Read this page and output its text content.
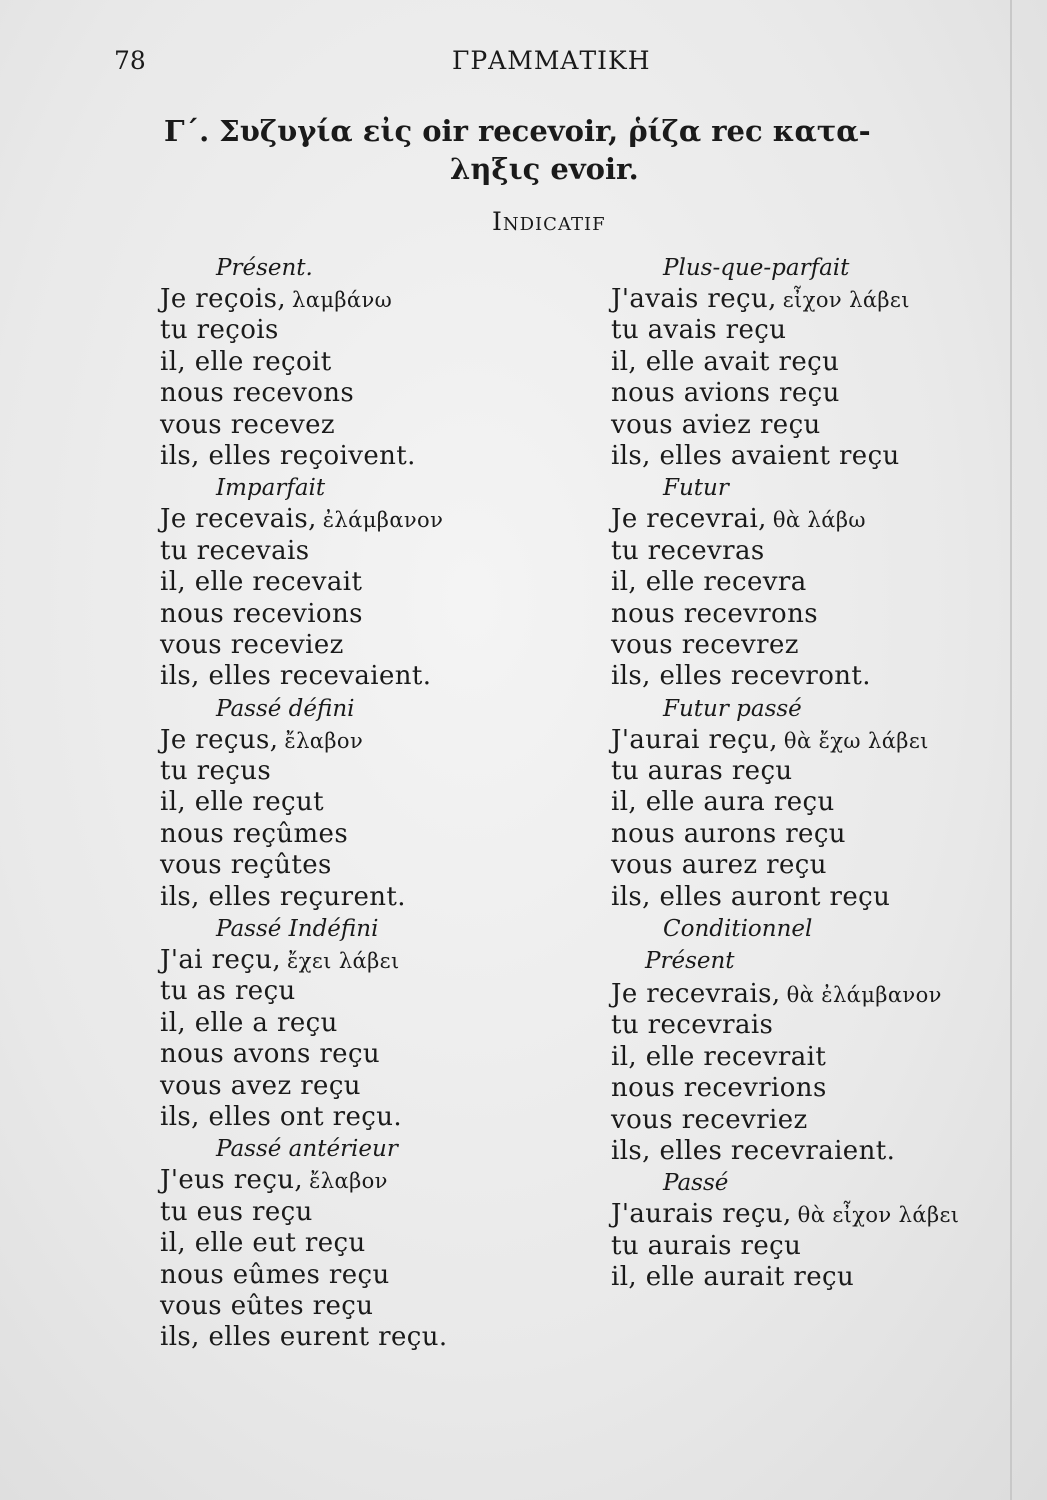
78	ΓΡΑΜΜΑΤΙΚΗ
Γ΄. Συζυγία εἰς oir recevoir, ῥίζα rec κατα-
ληξις evoir.
Indicatif
Présent.
Je reçois, λαμβάνω
tu reçois
il, elle reçoit
nous recevons
vous recevez
ils, elles reçoivent.
Imparfait
Je recevais, ἐλάμβανον
tu recevais
il, elle recevait
nous recevions
vous receviez
ils, elles recevaient.
Passé défini
Je reçus, ἔλαβον
tu reçus
il, elle reçut
nous reçûmes
vous reçûtes
ils, elles reçurent.
Passé Indéfini
J'ai reçu, ἔχει λάβει
tu as reçu
il, elle a reçu
nous avons reçu
vous avez reçu
ils, elles ont reçu.
Passé antérieur
J'eus reçu, ἔλαβον
tu eus reçu
il, elle eut reçu
nous eûmes reçu
vous eûtes reçu
ils, elles eurent reçu.
Plus-que-parfait
J'avais reçu, εἶχον λάβει
tu avais reçu
il, elle avait reçu
nous avions reçu
vous aviez reçu
ils, elles avaient reçu
Futur
Je recevrai, θὰ λάβω
tu recevras
il, elle recevra
nous recevrons
vous recevrez
ils, elles recevront.
Futur passé
J'aurai reçu, θὰ ἔχω λάβει
tu auras reçu
il, elle aura reçu
nous aurons reçu
vous aurez reçu
ils, elles auront reçu
Conditionnel
Présent
Je recevrais, θὰ ἐλάμβανον
tu recevrais
il, elle recevrait
nous recevrions
vous recevriez
ils, elles recevraient.
Passé
J'aurais reçu, θὰ εἶχον λάβει
tu aurais reçu
il, elle aurait reçu
